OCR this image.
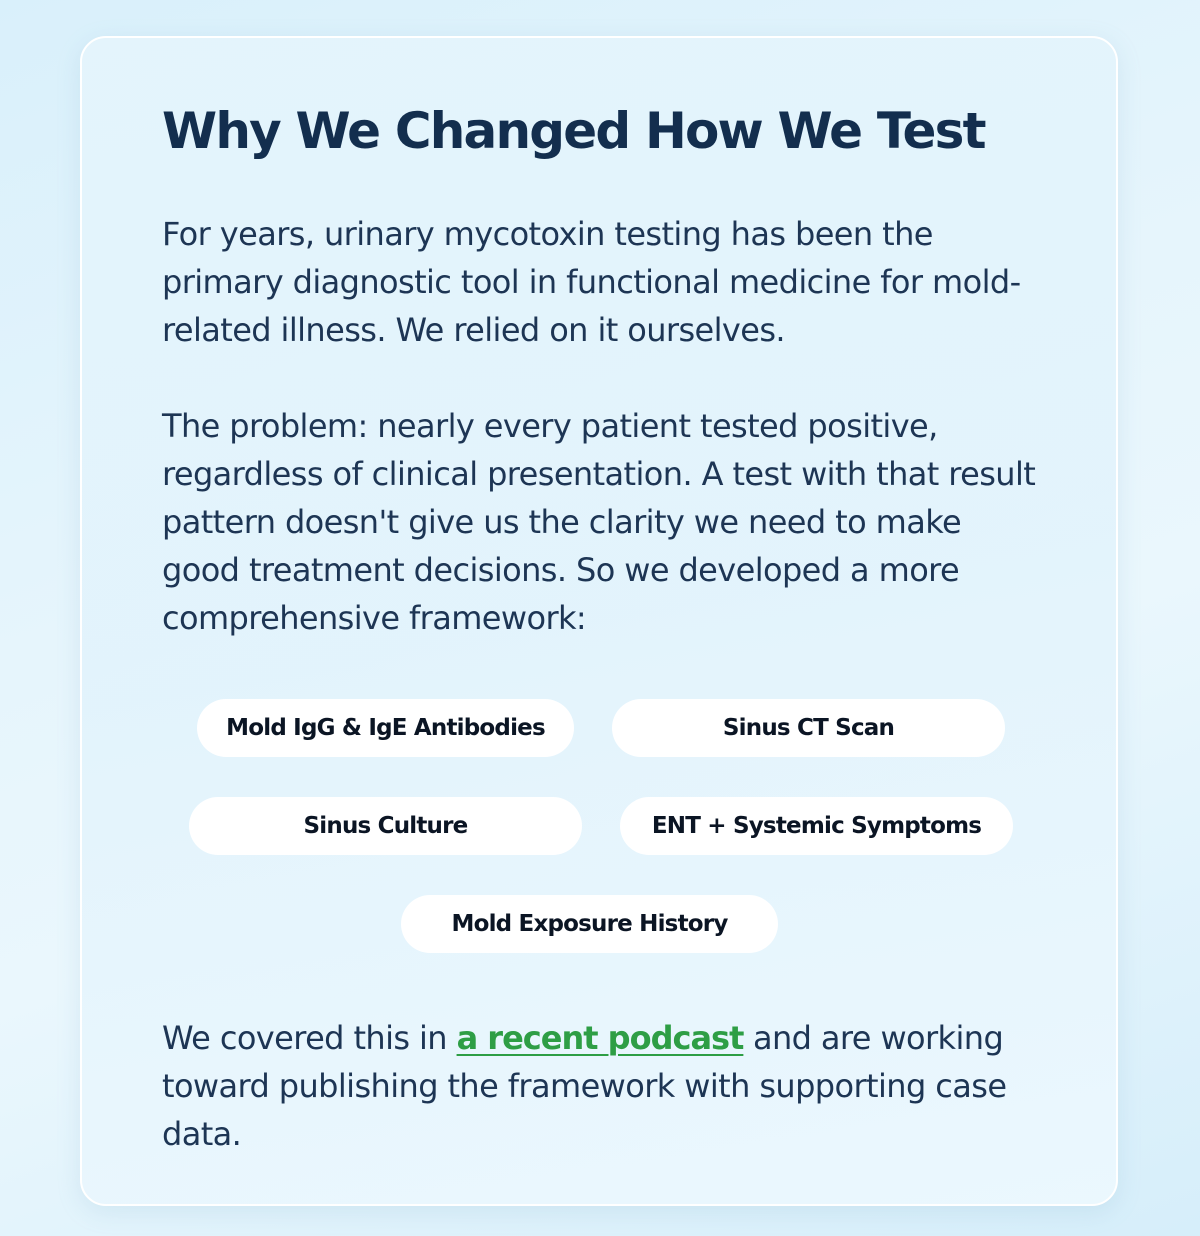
Why We Changed How We Test

For years, urinary mycotoxin testing has been the primary diagnostic tool in functional medicine for mold-related illness. We relied on it ourselves.

The problem: nearly every patient tested positive, regardless of clinical presentation. A test with that result pattern doesn't give us the clarity we need to make good treatment decisions. So we developed a more comprehensive framework:

Mold IgG & IgE Antibodies	Sinus CT Scan
Sinus Culture	ENT + Systemic Symptoms
Mold Exposure History

We covered this in a recent podcast and are working toward publishing the framework with supporting case data.
